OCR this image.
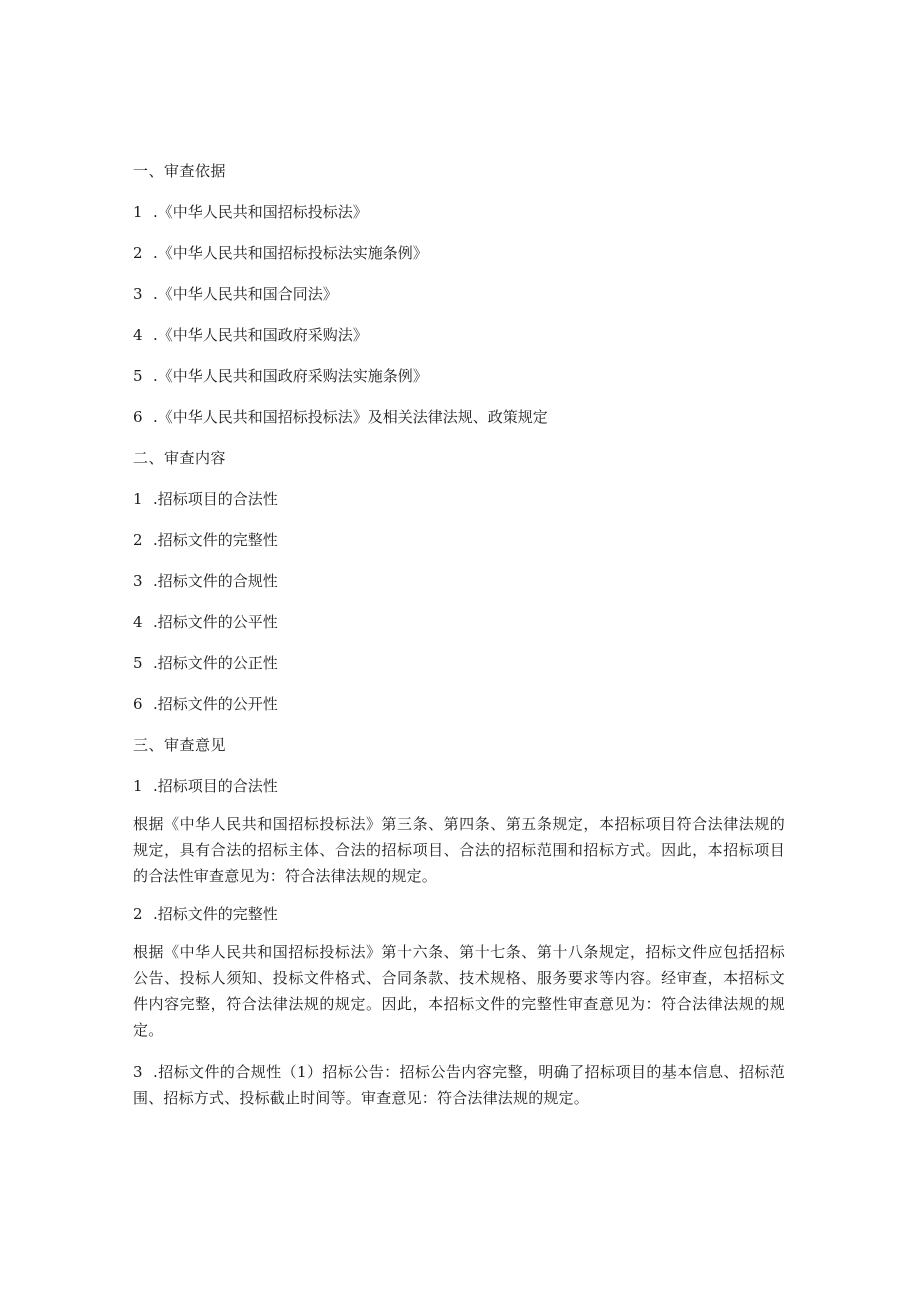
一、审查依据

1 .《中华人民共和国招标投标法》

2 .《中华人民共和国招标投标法实施条例》

3 .《中华人民共和国合同法》

4 .《中华人民共和国政府采购法》

5 .《中华人民共和国政府采购法实施条例》

6 .《中华人民共和国招标投标法》及相关法律法规、政策规定

二、审查内容

1 .招标项目的合法性

2 .招标文件的完整性

3 .招标文件的合规性

4 .招标文件的公平性

5 .招标文件的公正性

6 .招标文件的公开性

三、审查意见

1 .招标项目的合法性

根据《中华人民共和国招标投标法》第三条、第四条、第五条规定，本招标项目符合法律法规的规定，具有合法的招标主体、合法的招标项目、合法的招标范围和招标方式。因此，本招标项目的合法性审查意见为：符合法律法规的规定。

2 .招标文件的完整性

根据《中华人民共和国招标投标法》第十六条、第十七条、第十八条规定，招标文件应包括招标公告、投标人须知、投标文件格式、合同条款、技术规格、服务要求等内容。经审查，本招标文件内容完整，符合法律法规的规定。因此，本招标文件的完整性审查意见为：符合法律法规的规定。

3 .招标文件的合规性（1）招标公告：招标公告内容完整，明确了招标项目的基本信息、招标范围、招标方式、投标截止时间等。审查意见：符合法律法规的规定。
